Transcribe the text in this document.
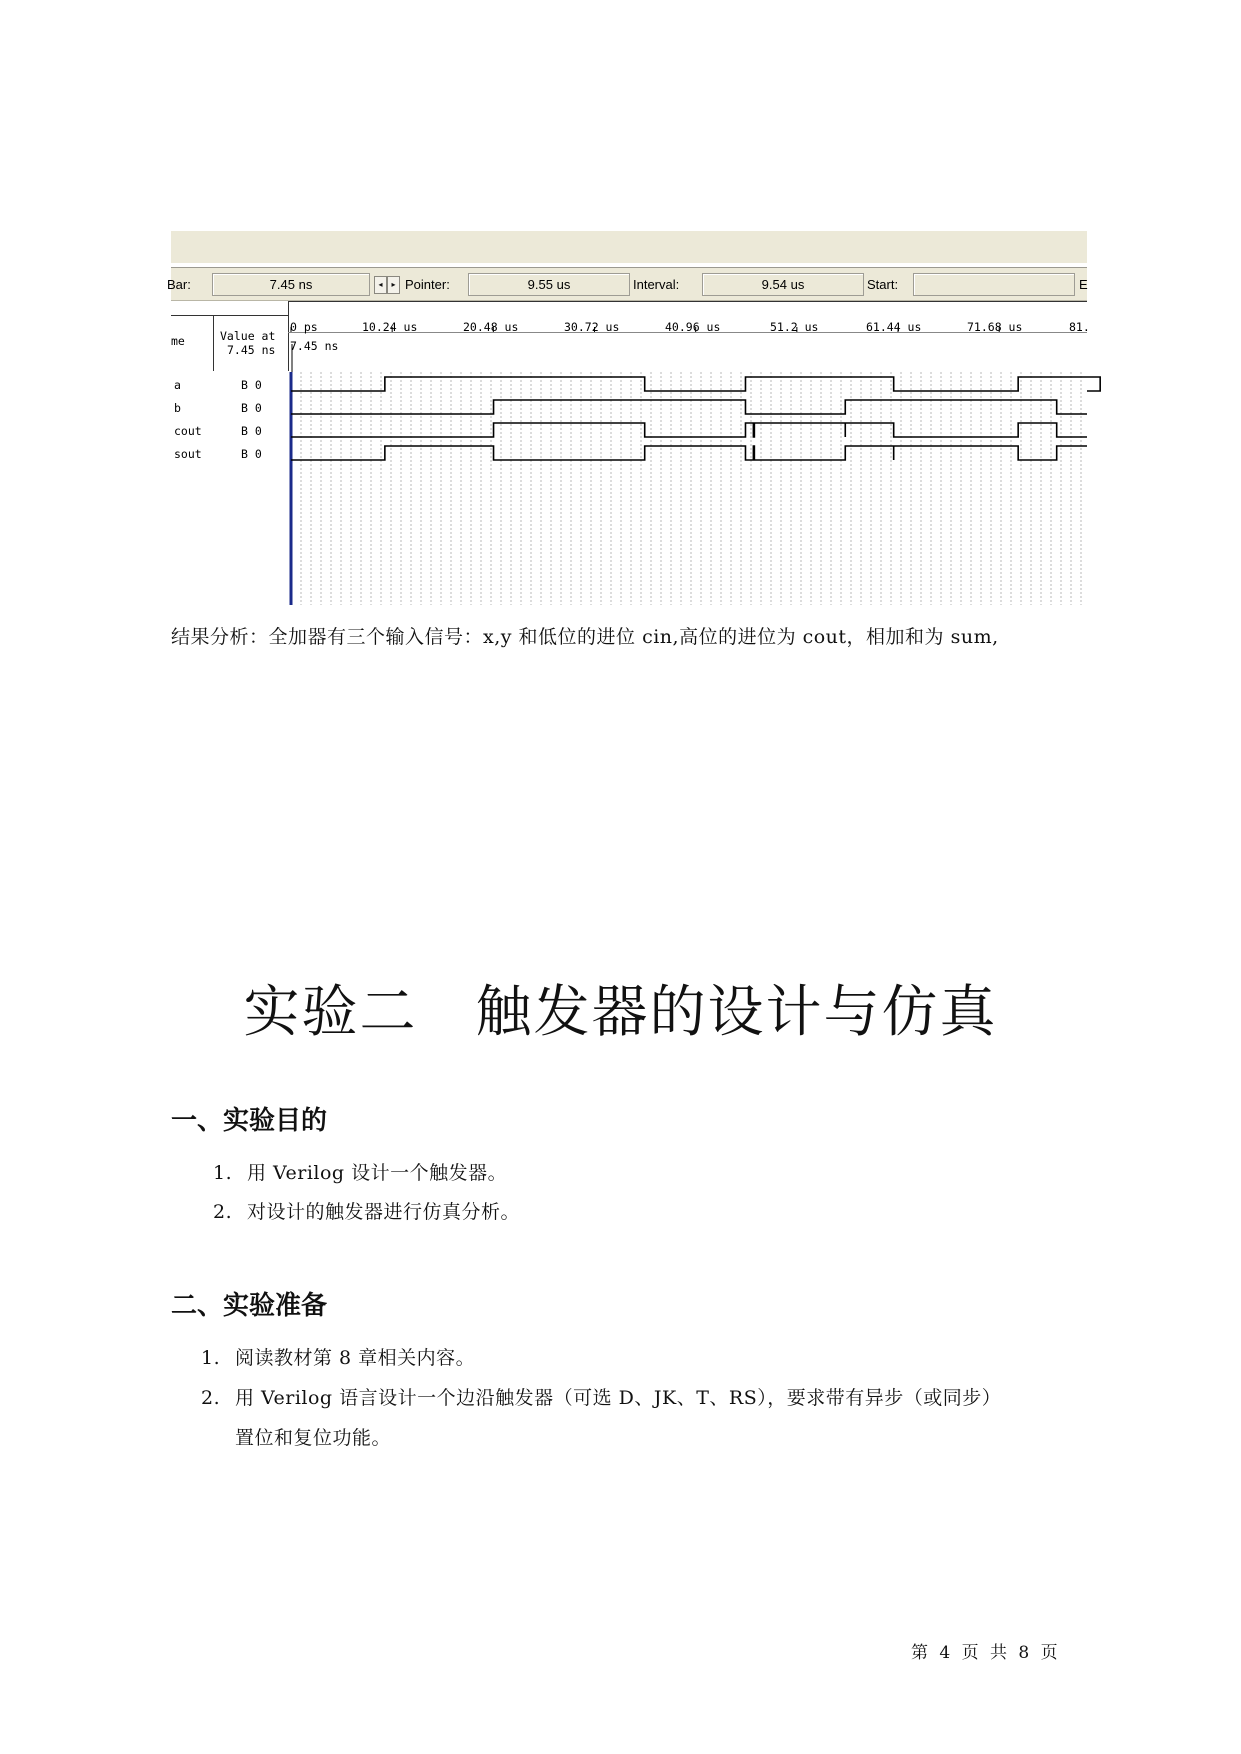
Bar:	7.45 ns	◂ ▸ Pointer:	9.55 us	Interval:	9.54 us	Start:	E
me	Value at
7.45 ns 7.45 ns
0 ps	10.24 us	20.48 us	30.72 us	40.96 us	51.2 us	61.44 us	71.68 us	81.
a	B 0
b	B 0
cout	B 0
sout	B 0
结果分析：全加器有三个输入信号：x,y 和低位的进位 cin,高位的进位为 cout，相加和为 sum,
实验二　触发器的设计与仿真
一、实验目的
1. 用 Verilog 设计一个触发器。
2. 对设计的触发器进行仿真分析。
二、实验准备
1. 阅读教材第 8 章相关内容。
2. 用 Verilog 语言设计一个边沿触发器（可选 D、JK、T、RS），要求带有异步（或同步）
置位和复位功能。
第 4 页 共 8 页
